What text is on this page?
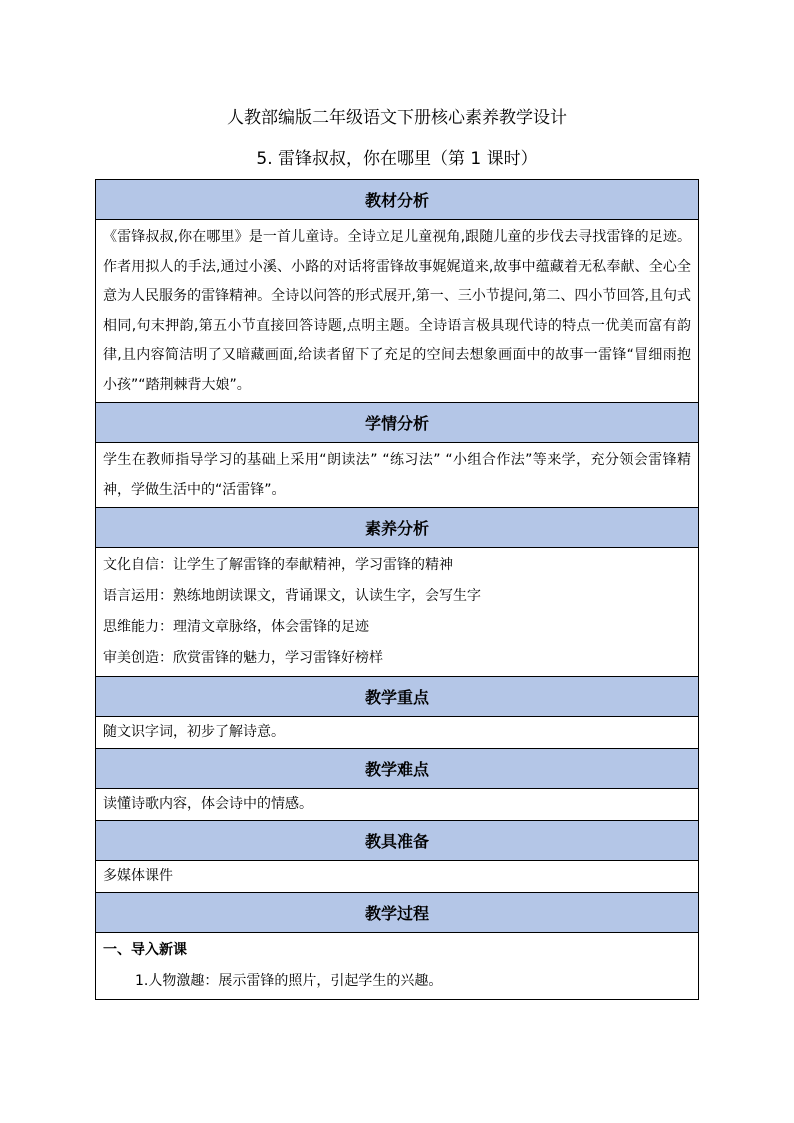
人教部编版二年级语文下册核心素养教学设计
5. 雷锋叔叔，你在哪里（第 1 课时）
教材分析
《雷锋叔叔,你在哪里》是一首儿童诗。全诗立足儿童视角,跟随儿童的步伐去寻找雷锋的足迹。作者用拟人的手法,通过小溪、小路的对话将雷锋故事娓娓道来,故事中蕴藏着无私奉献、全心全意为人民服务的雷锋精神。全诗以问答的形式展开,第一、三小节提问,第二、四小节回答,且句式相同,句末押韵,第五小节直接回答诗题,点明主题。全诗语言极具现代诗的特点一优美而富有韵律,且内容简洁明了又暗藏画面,给读者留下了充足的空间去想象画面中的故事一雷锋“冒细雨抱小孩”“踏荆棘背大娘”。
学情分析
学生在教师指导学习的基础上采用“朗读法” “练习法” “小组合作法”等来学，充分领会雷锋精神，学做生活中的“活雷锋”。
素养分析

文化自信：让学生了解雷锋的奉献精神，学习雷锋的精神
语言运用：熟练地朗读课文，背诵课文，认读生字，会写生字
思维能力：理清文章脉络，体会雷锋的足迹
审美创造：欣赏雷锋的魅力，学习雷锋好榜样

教学重点
随文识字词，初步了解诗意。
教学难点
读懂诗歌内容，体会诗中的情感。
教具准备
多媒体课件
教学过程

一、导入新课
1.人物激趣：展示雷锋的照片，引起学生的兴趣。
